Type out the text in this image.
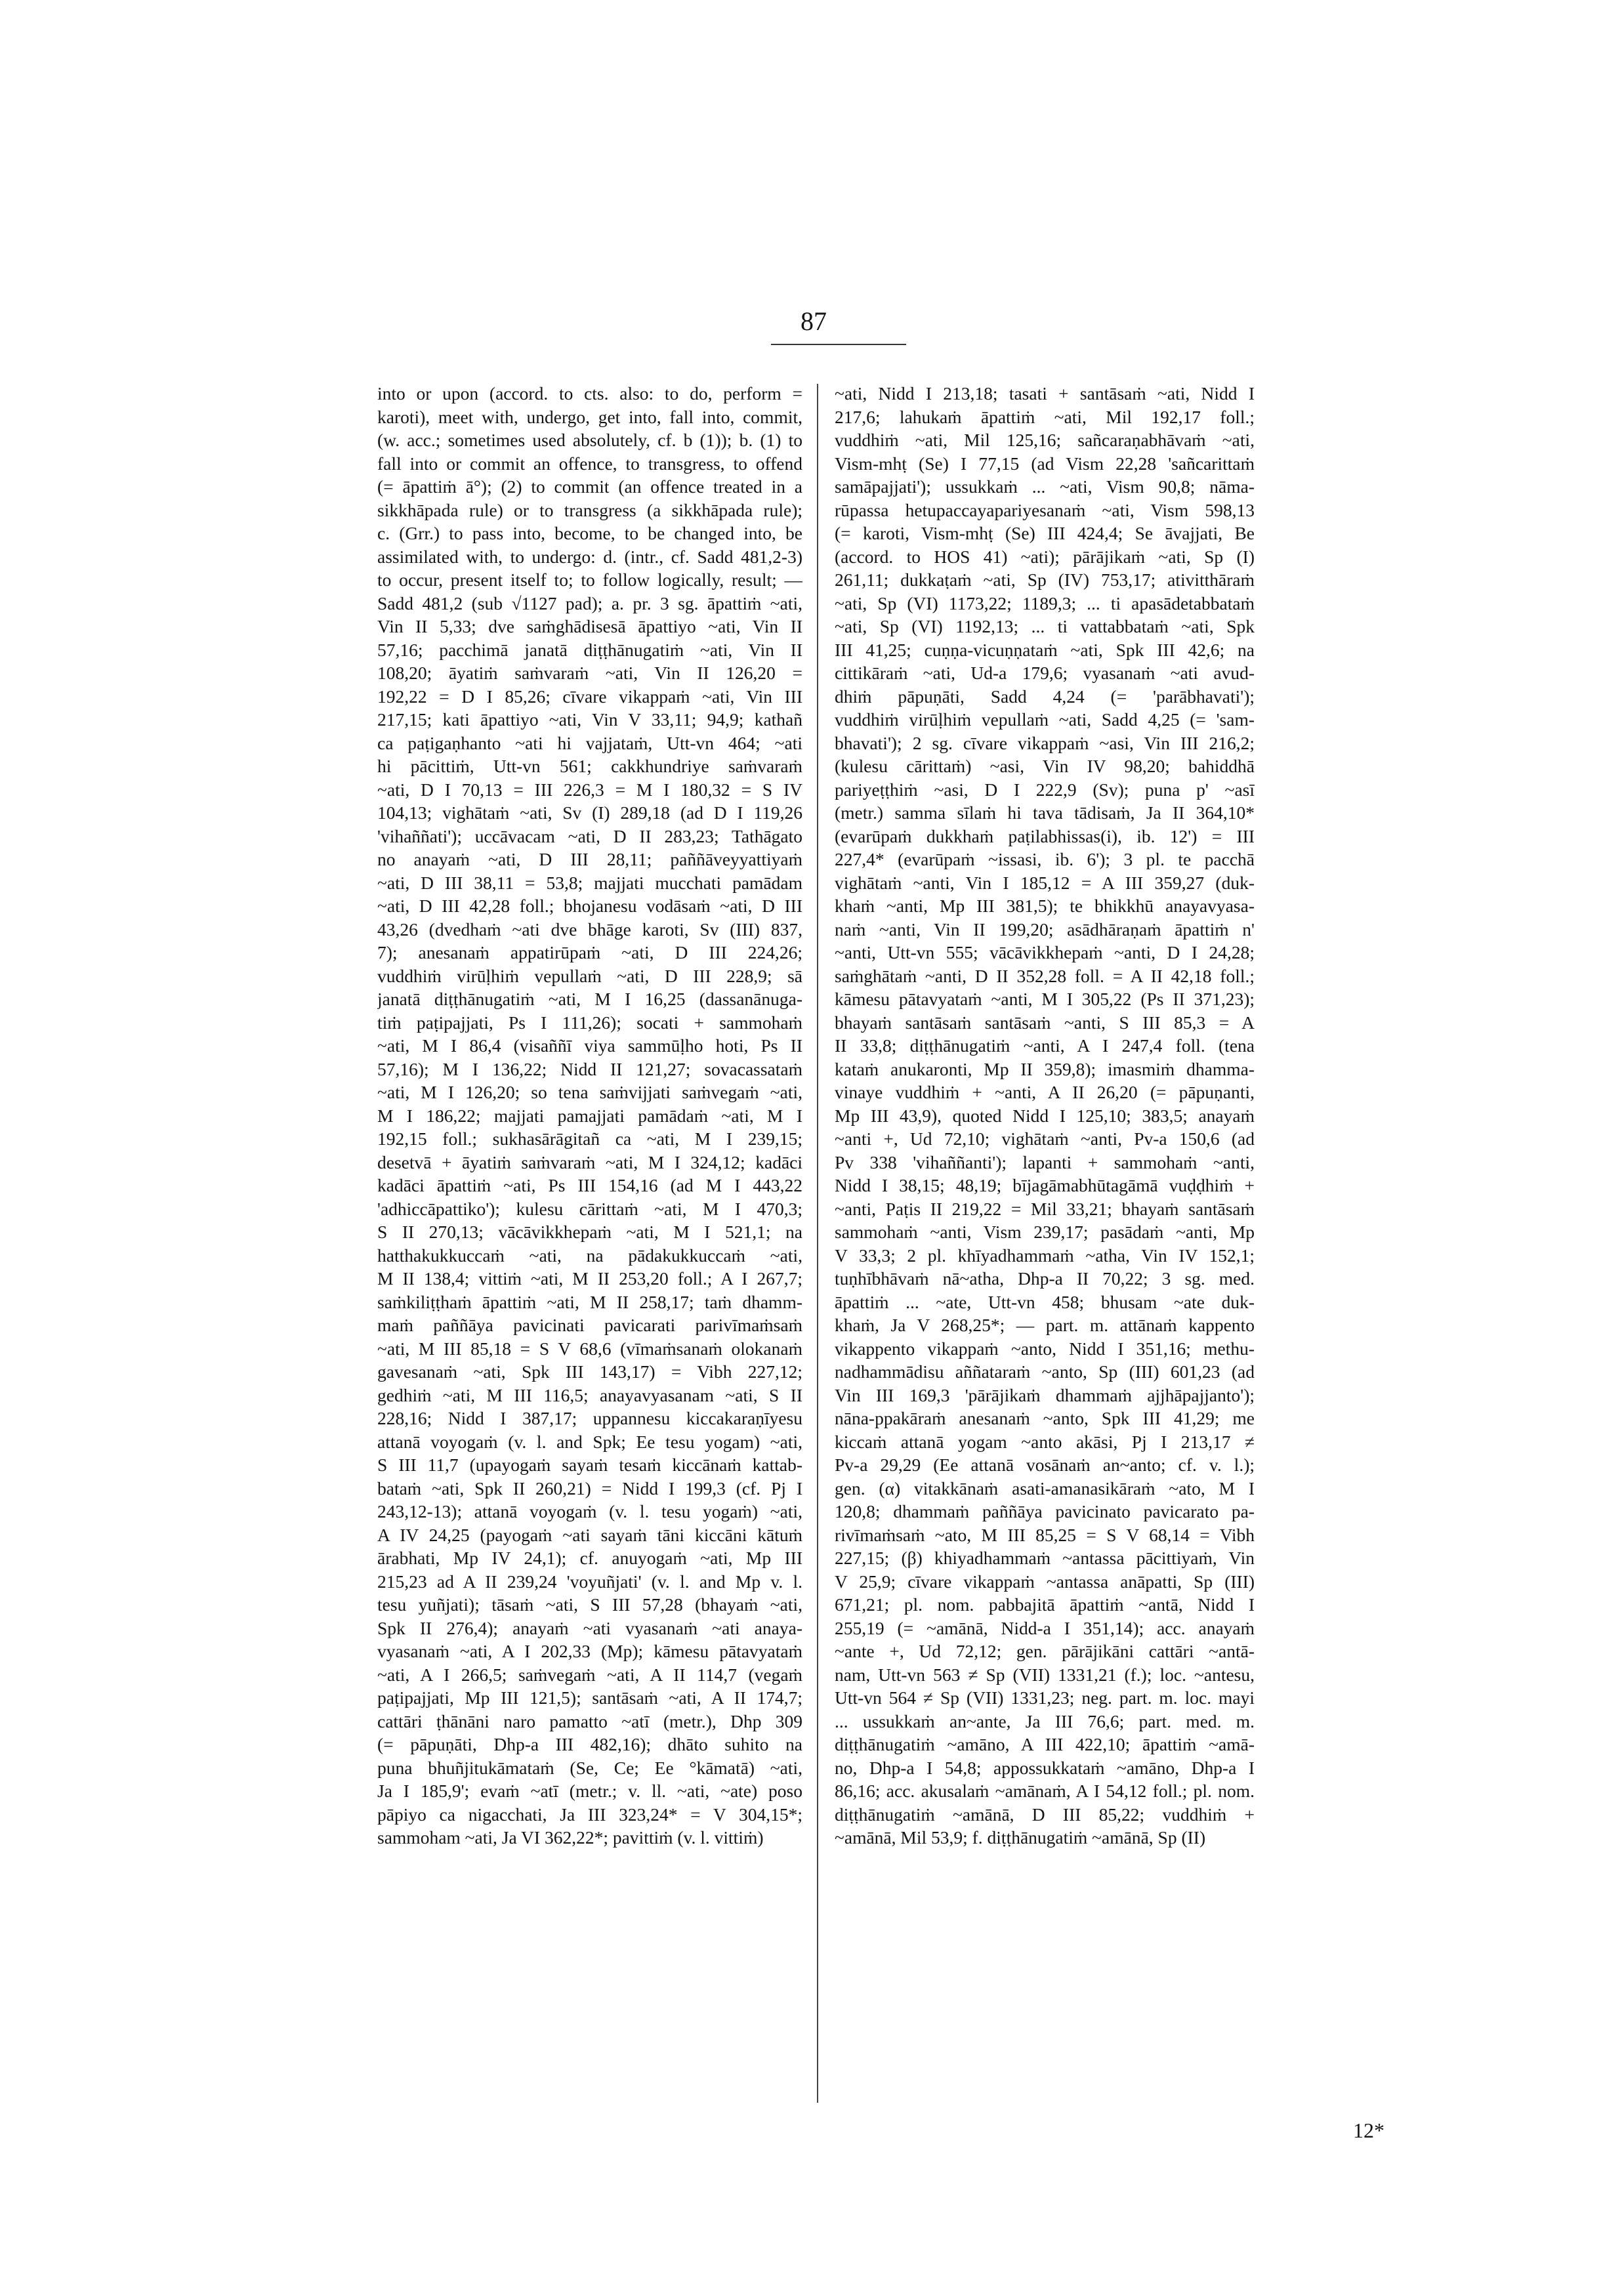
87
into or upon (accord. to cts. also: to do, perform =
karoti), meet with, undergo, get into, fall into, commit,
(w. acc.; sometimes used absolutely, cf. b (1)); b. (1) to
fall into or commit an offence, to transgress, to offend
(= āpattiṁ ā°); (2) to commit (an offence treated in a
sikkhāpada rule) or to transgress (a sikkhāpada rule);
c. (Grr.) to pass into, become, to be changed into, be
assimilated with, to undergo: d. (intr., cf. Sadd 481,2-3)
to occur, present itself to; to follow logically, result; —
Sadd 481,2 (sub √1127 pad); a. pr. 3 sg. āpattiṁ ~ati,
Vin II 5,33; dve saṁghādisesā āpattiyo ~ati, Vin II
57,16; pacchimā janatā diṭṭhānugatiṁ ~ati, Vin II
108,20; āyatiṁ saṁvaraṁ ~ati, Vin II 126,20 =
192,22 = D I 85,26; cīvare vikappaṁ ~ati, Vin III
217,15; kati āpattiyo ~ati, Vin V 33,11; 94,9; kathañ
ca paṭigaṇhanto ~ati hi vajjataṁ, Utt-vn 464; ~ati
hi pācittiṁ, Utt-vn 561; cakkhundriye saṁvaraṁ
~ati, D I 70,13 = III 226,3 = M I 180,32 = S IV
104,13; vighātaṁ ~ati, Sv (I) 289,18 (ad D I 119,26
'vihaññati'); uccāvacam ~ati, D II 283,23; Tathāgato
no anayaṁ ~ati, D III 28,11; paññāveyyattiyaṁ
~ati, D III 38,11 = 53,8; majjati mucchati pamādam
~ati, D III 42,28 foll.; bhojanesu vodāsaṁ ~ati, D III
43,26 (dvedhaṁ ~ati dve bhāge karoti, Sv (III) 837,
7); anesanaṁ appatirūpaṁ ~ati, D III 224,26;
vuddhiṁ virūḷhiṁ vepullaṁ ~ati, D III 228,9; sā
janatā diṭṭhānugatiṁ ~ati, M I 16,25 (dassanānuga-
tiṁ paṭipajjati, Ps I 111,26); socati + sammohaṁ
~ati, M I 86,4 (visaññī viya sammūḷho hoti, Ps II
57,16); M I 136,22; Nidd II 121,27; sovacassataṁ
~ati, M I 126,20; so tena saṁvijjati saṁvegaṁ ~ati,
M I 186,22; majjati pamajjati pamādaṁ ~ati, M I
192,15 foll.; sukhasārāgitañ ca ~ati, M I 239,15;
desetvā + āyatiṁ saṁvaraṁ ~ati, M I 324,12; kadāci
kadāci āpattiṁ ~ati, Ps III 154,16 (ad M I 443,22
'adhiccāpattiko'); kulesu cārittaṁ ~ati, M I 470,3;
S II 270,13; vācāvikkhepaṁ ~ati, M I 521,1; na
hatthakukkuccaṁ ~ati, na pādakukkuccaṁ ~ati,
M II 138,4; vittiṁ ~ati, M II 253,20 foll.; A I 267,7;
saṁkiliṭṭhaṁ āpattiṁ ~ati, M II 258,17; taṁ dhamm-
maṁ paññāya pavicinati pavicarati parivīmaṁsaṁ
~ati, M III 85,18 = S V 68,6 (vīmaṁsanaṁ olokanaṁ
gavesanaṁ ~ati, Spk III 143,17) = Vibh 227,12;
gedhiṁ ~ati, M III 116,5; anayavyasanam ~ati, S II
228,16; Nidd I 387,17; uppannesu kiccakaraṇīyesu
attanā voyogaṁ (v. l. and Spk; Ee tesu yogam) ~ati,
S III 11,7 (upayogaṁ sayaṁ tesaṁ kiccānaṁ kattab-
bataṁ ~ati, Spk II 260,21) = Nidd I 199,3 (cf. Pj I
243,12-13); attanā voyogaṁ (v. l. tesu yogaṁ) ~ati,
A IV 24,25 (payogaṁ ~ati sayaṁ tāni kiccāni kātuṁ
ārabhati, Mp IV 24,1); cf. anuyogaṁ ~ati, Mp III
215,23 ad A II 239,24 'voyuñjati' (v. l. and Mp v. l.
tesu yuñjati); tāsaṁ ~ati, S III 57,28 (bhayaṁ ~ati,
Spk II 276,4); anayaṁ ~ati vyasanaṁ ~ati anaya-
vyasanaṁ ~ati, A I 202,33 (Mp); kāmesu pātavyataṁ
~ati, A I 266,5; saṁvegaṁ ~ati, A II 114,7 (vegaṁ
paṭipajjati, Mp III 121,5); santāsaṁ ~ati, A II 174,7;
cattāri ṭhānāni naro pamatto ~atī (metr.), Dhp 309
(= pāpuṇāti, Dhp-a III 482,16); dhāto suhito na
puna bhuñjitukāmataṁ (Se, Ce; Ee °kāmatā) ~ati,
Ja I 185,9'; evaṁ ~atī (metr.; v. ll. ~ati, ~ate) poso
pāpiyo ca nigacchati, Ja III 323,24* = V 304,15*;
sammoham ~ati, Ja VI 362,22*; pavittiṁ (v. l. vittiṁ)
~ati, Nidd I 213,18; tasati + santāsaṁ ~ati, Nidd I
217,6; lahukaṁ āpattiṁ ~ati, Mil 192,17 foll.;
vuddhiṁ ~ati, Mil 125,16; sañcaraṇabhāvaṁ ~ati,
Vism-mhṭ (Se) I 77,15 (ad Vism 22,28 'sañcarittaṁ
samāpajjati'); ussukkaṁ ... ~ati, Vism 90,8; nāma-
rūpassa hetupaccayapariyesanaṁ ~ati, Vism 598,13
(= karoti, Vism-mhṭ (Se) III 424,4; Se āvajjati, Be
(accord. to HOS 41) ~ati); pārājikaṁ ~ati, Sp (I)
261,11; dukkaṭaṁ ~ati, Sp (IV) 753,17; ativitthāraṁ
~ati, Sp (VI) 1173,22; 1189,3; ... ti apasādetabbataṁ
~ati, Sp (VI) 1192,13; ... ti vattabbataṁ ~ati, Spk
III 41,25; cuṇṇa-vicuṇṇataṁ ~ati, Spk III 42,6; na
cittikāraṁ ~ati, Ud-a 179,6; vyasanaṁ ~ati avud-
dhiṁ pāpuṇāti, Sadd 4,24 (= 'parābhavati');
vuddhiṁ virūḷhiṁ vepullaṁ ~ati, Sadd 4,25 (= 'sam-
bhavati'); 2 sg. cīvare vikappaṁ ~asi, Vin III 216,2;
(kulesu cārittaṁ) ~asi, Vin IV 98,20; bahiddhā
pariyeṭṭhiṁ ~asi, D I 222,9 (Sv); puna p' ~asī
(metr.) samma sīlaṁ hi tava tādisaṁ, Ja II 364,10*
(evarūpaṁ dukkhaṁ paṭilabhissas(i), ib. 12') = III
227,4* (evarūpaṁ ~issasi, ib. 6'); 3 pl. te pacchā
vighātaṁ ~anti, Vin I 185,12 = A III 359,27 (duk-
khaṁ ~anti, Mp III 381,5); te bhikkhū anayavyasa-
naṁ ~anti, Vin II 199,20; asādhāraṇaṁ āpattiṁ n'
~anti, Utt-vn 555; vācāvikkhepaṁ ~anti, D I 24,28;
saṁghātaṁ ~anti, D II 352,28 foll. = A II 42,18 foll.;
kāmesu pātavyataṁ ~anti, M I 305,22 (Ps II 371,23);
bhayaṁ santāsaṁ santāsaṁ ~anti, S III 85,3 = A
II 33,8; diṭṭhānugatiṁ ~anti, A I 247,4 foll. (tena
kataṁ anukaronti, Mp II 359,8); imasmiṁ dhamma-
vinaye vuddhiṁ + ~anti, A II 26,20 (= pāpuṇanti,
Mp III 43,9), quoted Nidd I 125,10; 383,5; anayaṁ
~anti +, Ud 72,10; vighātaṁ ~anti, Pv-a 150,6 (ad
Pv 338 'vihaññanti'); lapanti + sammohaṁ ~anti,
Nidd I 38,15; 48,19; bījagāmabhūtagāmā vuḍḍhiṁ +
~anti, Paṭis II 219,22 = Mil 33,21; bhayaṁ santāsaṁ
sammohaṁ ~anti, Vism 239,17; pasādaṁ ~anti, Mp
V 33,3; 2 pl. khīyadhammaṁ ~atha, Vin IV 152,1;
tuṇhībhāvaṁ nā~atha, Dhp-a II 70,22; 3 sg. med.
āpattiṁ ... ~ate, Utt-vn 458; bhusam ~ate duk-
khaṁ, Ja V 268,25*; — part. m. attānaṁ kappento
vikappento vikappaṁ ~anto, Nidd I 351,16; methu-
nadhammādisu aññataraṁ ~anto, Sp (III) 601,23 (ad
Vin III 169,3 'pārājikaṁ dhammaṁ ajjhāpajjanto');
nāna-ppakāraṁ anesanaṁ ~anto, Spk III 41,29; me
kiccaṁ attanā yogam ~anto akāsi, Pj I 213,17 ≠
Pv-a 29,29 (Ee attanā vosānaṁ an~anto; cf. v. l.);
gen. (α) vitakkānaṁ asati-amanasikāraṁ ~ato, M I
120,8; dhammaṁ paññāya pavicinato pavicarato pa-
rivīmaṁsaṁ ~ato, M III 85,25 = S V 68,14 = Vibh
227,15; (β) khiyadhammaṁ ~antassa pācittiyaṁ, Vin
V 25,9; cīvare vikappaṁ ~antassa anāpatti, Sp (III)
671,21; pl. nom. pabbajitā āpattiṁ ~antā, Nidd I
255,19 (= ~amānā, Nidd-a I 351,14); acc. anayaṁ
~ante +, Ud 72,12; gen. pārājikāni cattāri ~antā-
nam, Utt-vn 563 ≠ Sp (VII) 1331,21 (f.); loc. ~antesu,
Utt-vn 564 ≠ Sp (VII) 1331,23; neg. part. m. loc. mayi
... ussukkaṁ an~ante, Ja III 76,6; part. med. m.
diṭṭhānugatiṁ ~amāno, A III 422,10; āpattiṁ ~amā-
no, Dhp-a I 54,8; appossukkataṁ ~amāno, Dhp-a I
86,16; acc. akusalaṁ ~amānaṁ, A I 54,12 foll.; pl. nom.
diṭṭhānugatiṁ ~amānā, D III 85,22; vuddhiṁ +
~amānā, Mil 53,9; f. diṭṭhānugatiṁ ~amānā, Sp (II)
12*
